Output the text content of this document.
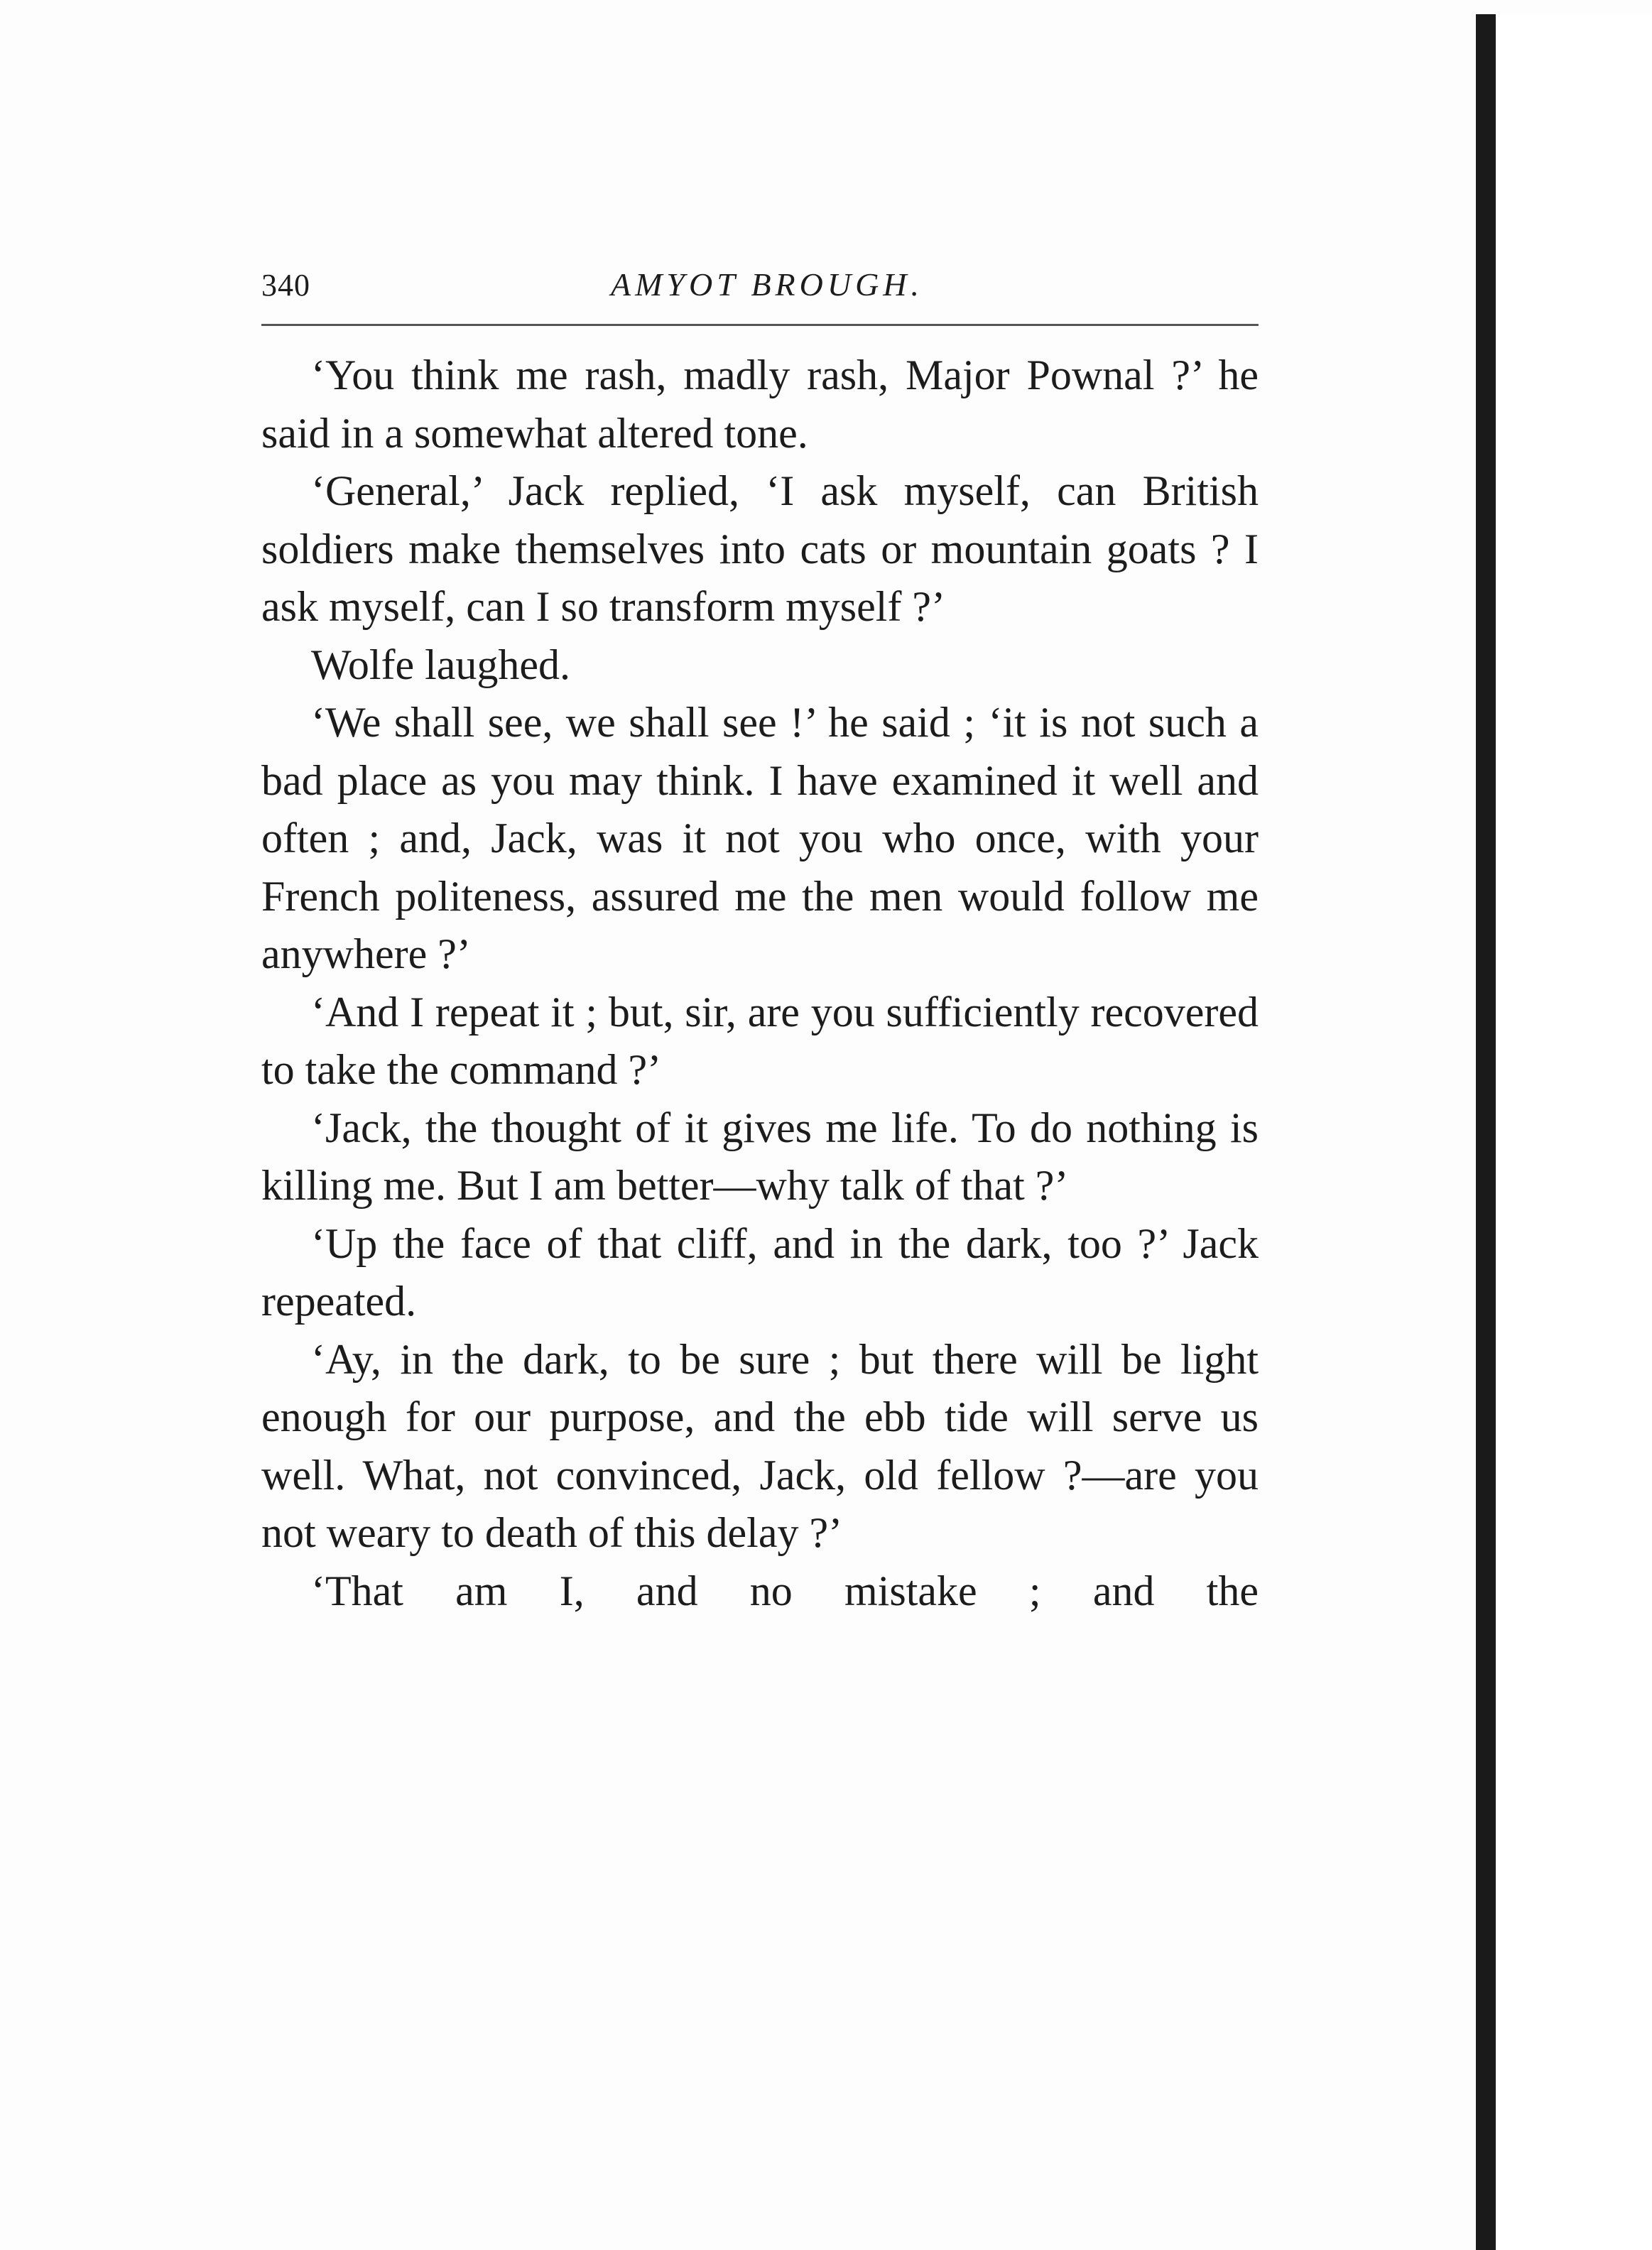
340	AMYOT BROUGH.

‘You think me rash, madly rash, Major Pownal ?’ he said in a somewhat altered tone.

‘General,’ Jack replied, ‘I ask myself, can British soldiers make themselves into cats or mountain goats ? I ask myself, can I so transform myself ?’

Wolfe laughed.

‘We shall see, we shall see !’ he said ; ‘it is not such a bad place as you may think. I have examined it well and often ; and, Jack, was it not you who once, with your French politeness, assured me the men would follow me anywhere ?’

‘And I repeat it ; but, sir, are you sufficiently recovered to take the command ?’

‘Jack, the thought of it gives me life. To do nothing is killing me. But I am better—why talk of that ?’

‘Up the face of that cliff, and in the dark, too ?’ Jack repeated.

‘Ay, in the dark, to be sure ; but there will be light enough for our purpose, and the ebb tide will serve us well. What, not convinced, Jack, old fellow ?—are you not weary to death of this delay ?’

‘That am I, and no mistake ; and the
